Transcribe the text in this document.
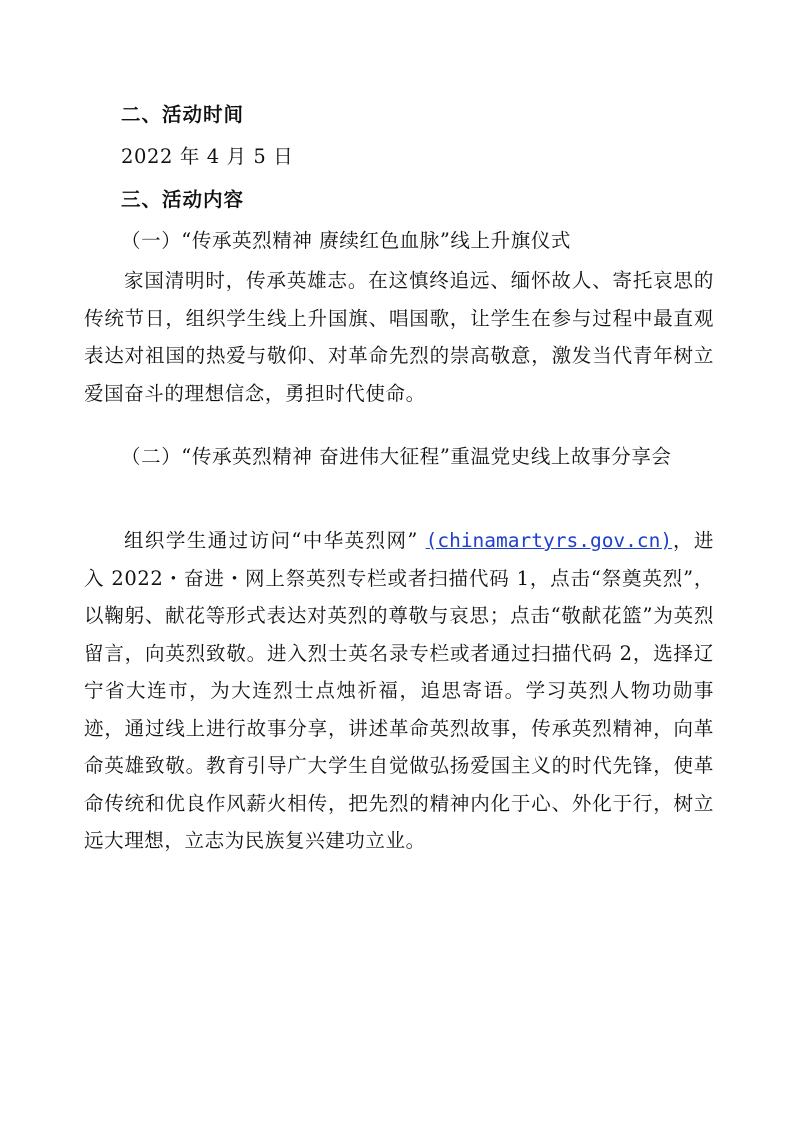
二、活动时间

2022 年 4 月 5 日

三、活动内容

（一）“传承英烈精神 赓续红色血脉”线上升旗仪式

家国清明时，传承英雄志。在这慎终追远、缅怀故人、寄托哀思的传统节日，组织学生线上升国旗、唱国歌，让学生在参与过程中最直观表达对祖国的热爱与敬仰、对革命先烈的崇高敬意，激发当代青年树立爱国奋斗的理想信念，勇担时代使命。

（二）“传承英烈精神 奋进伟大征程”重温党史线上故事分享会

组织学生通过访问“中华英烈网” (chinamartyrs.gov.cn)，进入 2022・奋进・网上祭英烈专栏或者扫描代码 1，点击“祭奠英烈”，以鞠躬、献花等形式表达对英烈的尊敬与哀思；点击“敬献花篮”为英烈留言，向英烈致敬。进入烈士英名录专栏或者通过扫描代码 2，选择辽宁省大连市，为大连烈士点烛祈福，追思寄语。学习英烈人物功勋事迹，通过线上进行故事分享，讲述革命英烈故事，传承英烈精神，向革命英雄致敬。教育引导广大学生自觉做弘扬爱国主义的时代先锋，使革命传统和优良作风薪火相传，把先烈的精神内化于心、外化于行，树立远大理想，立志为民族复兴建功立业。
